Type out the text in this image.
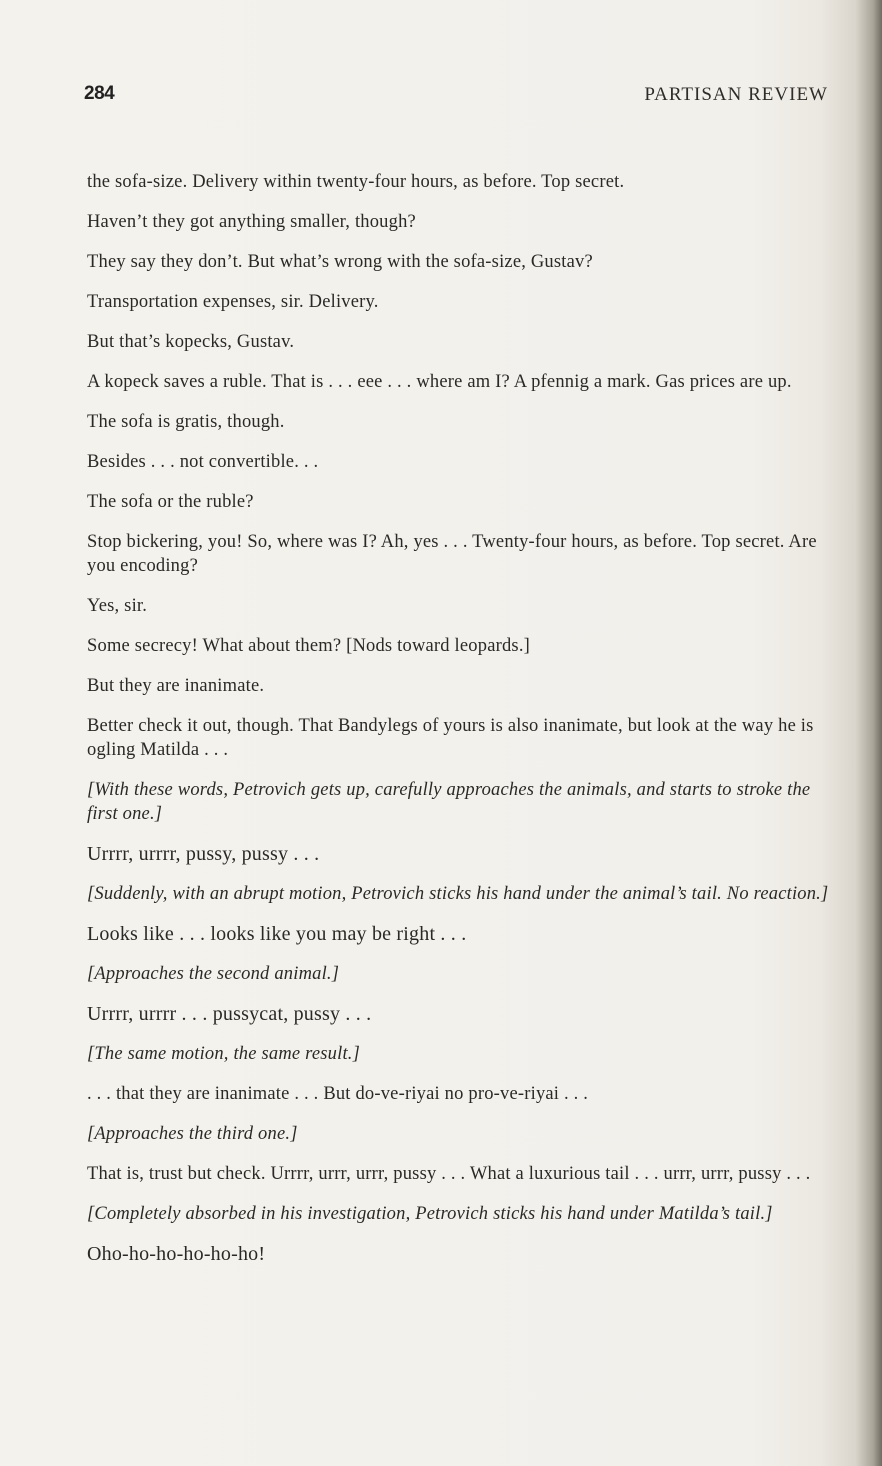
284	PARTISAN REVIEW

the sofa-size. Delivery within twenty-four hours, as before. Top secret.

Haven’t they got anything smaller, though?

They say they don’t. But what’s wrong with the sofa-size, Gustav?

Transportation expenses, sir. Delivery.

But that’s kopecks, Gustav.

A kopeck saves a ruble. That is . . . eee . . . where am I? A pfennig a mark. Gas prices are up.

The sofa is gratis, though.

Besides . . . not convertible. . .

The sofa or the ruble?

Stop bickering, you! So, where was I? Ah, yes . . . Twenty-four hours, as before. Top secret. Are you encoding?

Yes, sir.

Some secrecy! What about them? [Nods toward leopards.]

But they are inanimate.

Better check it out, though. That Bandylegs of yours is also inanimate, but look at the way he is ogling Matilda . . .

[With these words, Petrovich gets up, carefully approaches the animals, and starts to stroke the first one.]

Urrrr, urrrr, pussy, pussy . . .

[Suddenly, with an abrupt motion, Petrovich sticks his hand under the animal’s tail. No reaction.]

Looks like . . . looks like you may be right . . .

[Approaches the second animal.]

Urrrr, urrrr . . . pussycat, pussy . . .

[The same motion, the same result.]

. . . that they are inanimate . . . But do-ve-riyai no pro-ve-riyai . . .

[Approaches the third one.]

That is, trust but check. Urrrr, urrr, urrr, pussy . . . What a luxurious tail . . . urrr, urrr, pussy . . .

[Completely absorbed in his investigation, Petrovich sticks his hand under Matilda’s tail.]

Oho-ho-ho-ho-ho-ho!
